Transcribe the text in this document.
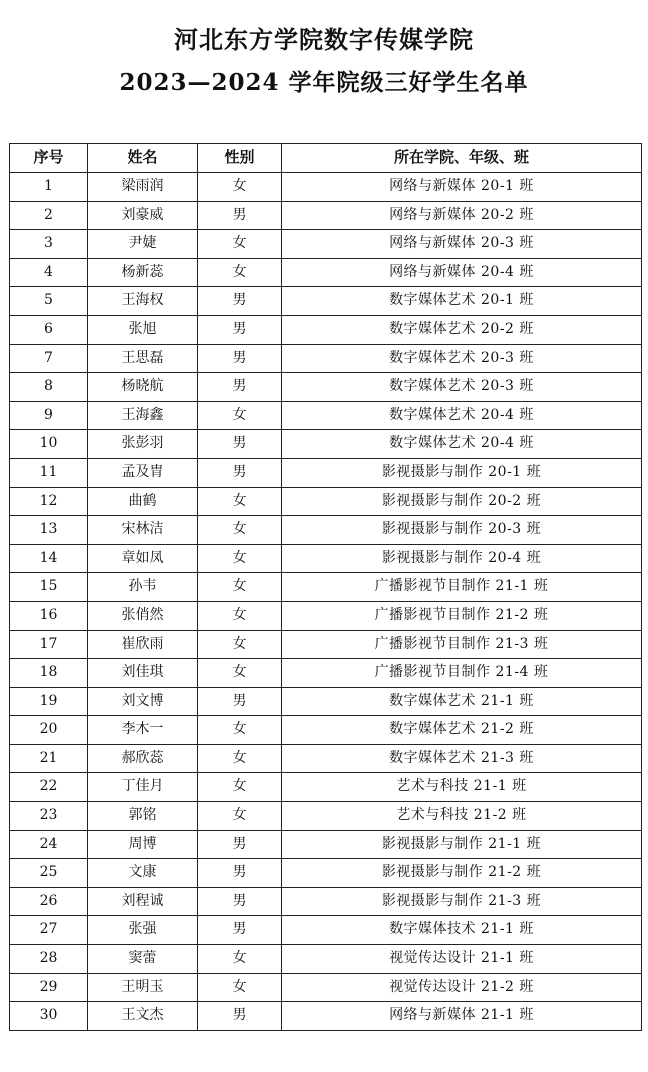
河北东方学院数字传媒学院
2023—2024 学年院级三好学生名单
序号	姓名	性别	所在学院、年级、班
1	梁雨润	女	网络与新媒体 20-1 班
2	刘豪威	男	网络与新媒体 20-2 班
3	尹婕	女	网络与新媒体 20-3 班
4	杨新蕊	女	网络与新媒体 20-4 班
5	王海权	男	数字媒体艺术 20-1 班
6	张旭	男	数字媒体艺术 20-2 班
7	王思磊	男	数字媒体艺术 20-3 班
8	杨晓航	男	数字媒体艺术 20-3 班
9	王海鑫	女	数字媒体艺术 20-4 班
10	张彭羽	男	数字媒体艺术 20-4 班
11	孟及胄	男	影视摄影与制作 20-1 班
12	曲鹤	女	影视摄影与制作 20-2 班
13	宋林洁	女	影视摄影与制作 20-3 班
14	章如凤	女	影视摄影与制作 20-4 班
15	孙韦	女	广播影视节目制作 21-1 班
16	张俏然	女	广播影视节目制作 21-2 班
17	崔欣雨	女	广播影视节目制作 21-3 班
18	刘佳琪	女	广播影视节目制作 21-4 班
19	刘文博	男	数字媒体艺术 21-1 班
20	李木一	女	数字媒体艺术 21-2 班
21	郝欣蕊	女	数字媒体艺术 21-3 班
22	丁佳月	女	艺术与科技 21-1 班
23	郭铭	女	艺术与科技 21-2 班
24	周博	男	影视摄影与制作 21-1 班
25	文康	男	影视摄影与制作 21-2 班
26	刘程诚	男	影视摄影与制作 21-3 班
27	张强	男	数字媒体技术 21-1 班
28	窦蕾	女	视觉传达设计 21-1 班
29	王明玉	女	视觉传达设计 21-2 班
30	王文杰	男	网络与新媒体 21-1 班
